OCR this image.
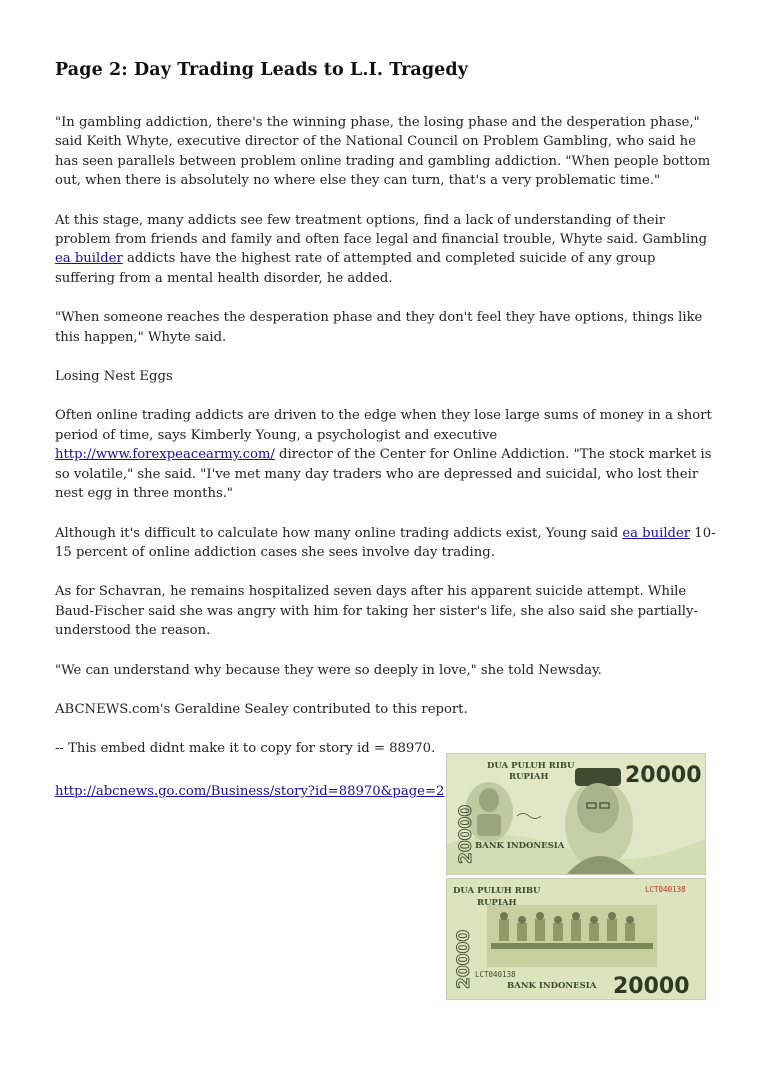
Page 2: Day Trading Leads to L.I. Tragedy

"In gambling addiction, there's the winning phase, the losing phase and the desperation phase," said Keith Whyte, executive director of the National Council on Problem Gambling, who said he has seen parallels between problem online trading and gambling addiction. "When people bottom out, when there is absolutely no where else they can turn, that's a very problematic time."

At this stage, many addicts see few treatment options, find a lack of understanding of their problem from friends and family and often face legal and financial trouble, Whyte said. Gambling ea builder addicts have the highest rate of attempted and completed suicide of any group suffering from a mental health disorder, he added.

"When someone reaches the desperation phase and they don't feel they have options, things like this happen," Whyte said.

Losing Nest Eggs

Often online trading addicts are driven to the edge when they lose large sums of money in a short period of time, says Kimberly Young, a psychologist and executive http://www.forexpeacearmy.com/ director of the Center for Online Addiction. "The stock market is so volatile," she said. "I've met many day traders who are depressed and suicidal, who lost their nest egg in three months."

Although it's difficult to calculate how many online trading addicts exist, Young said ea builder 10-15 percent of online addiction cases she sees involve day trading.

As for Schavran, he remains hospitalized seven days after his apparent suicide attempt. While Baud-Fischer said she was angry with him for taking her sister's life, she also said she partially-understood the reason.

"We can understand why because they were so deeply in love," she told Newsday.

ABCNEWS.com's Geraldine Sealey contributed to this report.

-- This embed didnt make it to copy for story id = 88970.

http://abcnews.go.com/Business/story?id=88970&page=2
DUA PULUH RIBU
RUPIAH	20000
20000 BANK INDONESIA
DUA PULUH RIBU
RUPIAH
LCT040138
LCT040138
BANK INDONESIA 20000
20000
